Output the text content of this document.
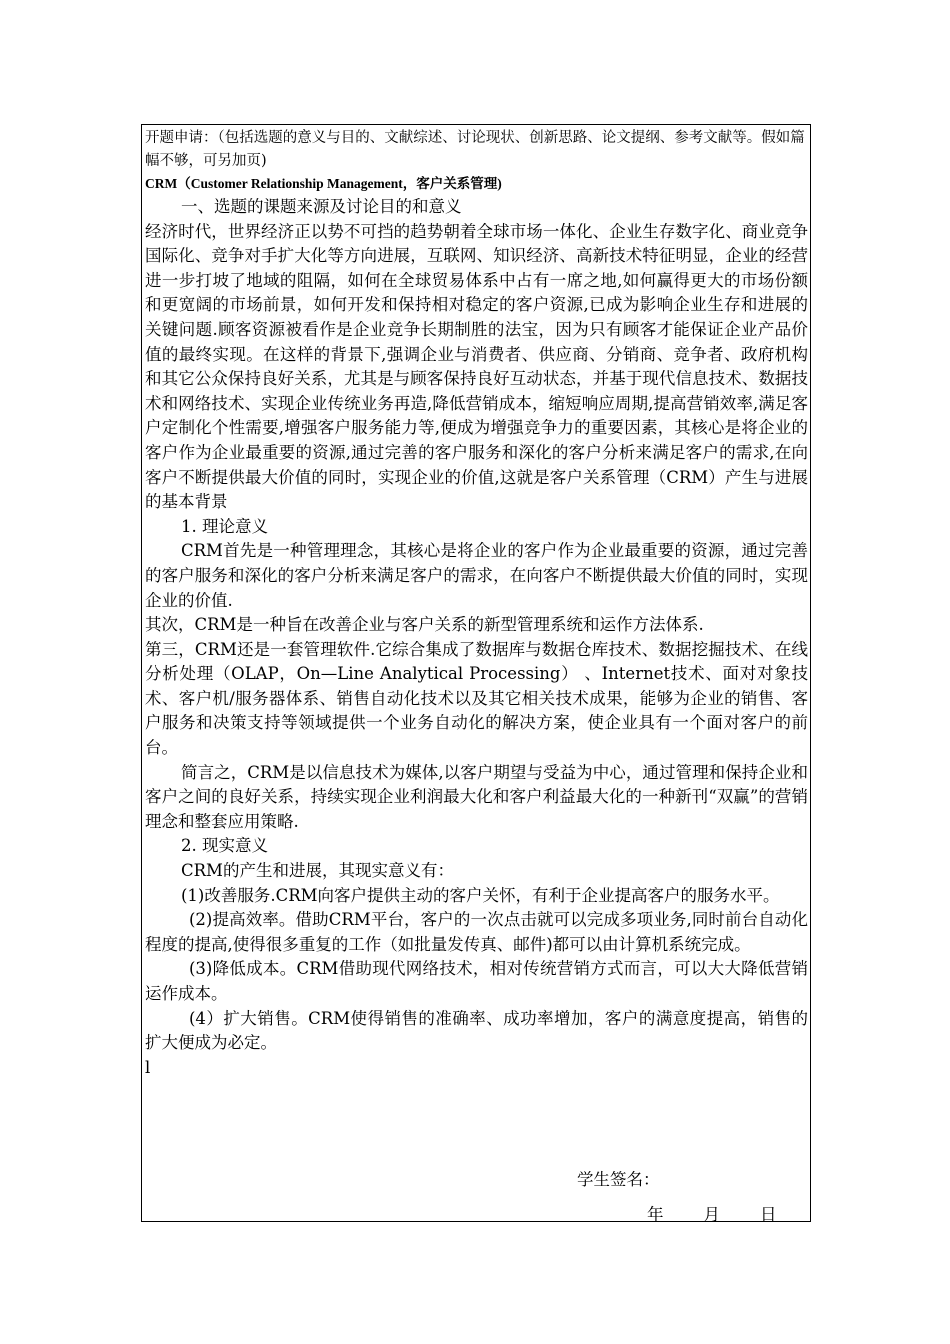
开题申请：（包括选题的意义与目的、文献综述、讨论现状、创新思路、论文提纲、参考文献等。假如篇幅不够，可另加页)

CRM（Customer Relationship Management，客户关系管理)

一、选题的课题来源及讨论目的和意义

经济时代，世界经济正以势不可挡的趋势朝着全球市场一体化、企业生存数字化、商业竞争国际化、竞争对手扩大化等方向进展，互联网、知识经济、高新技术特征明显，企业的经营进一步打坡了地域的阻隔，如何在全球贸易体系中占有一席之地,如何赢得更大的市场份额和更宽阔的市场前景，如何开发和保持相对稳定的客户资源,已成为影响企业生存和进展的关键问题.顾客资源被看作是企业竞争长期制胜的法宝，因为只有顾客才能保证企业产品价值的最终实现。在这样的背景下,强调企业与消费者、供应商、分销商、竞争者、政府机构和其它公众保持良好关系，尤其是与顾客保持良好互动状态，并基于现代信息技术、数据技术和网络技术、实现企业传统业务再造,降低营销成本，缩短响应周期,提高营销效率,满足客户定制化个性需要,增强客户服务能力等,便成为增强竞争力的重要因素，其核心是将企业的客户作为企业最重要的资源,通过完善的客户服务和深化的客户分析来满足客户的需求,在向客户不断提供最大价值的同时，实现企业的价值,这就是客户关系管理（CRM）产生与进展的基本背景

1. 理论意义

CRM首先是一种管理理念，其核心是将企业的客户作为企业最重要的资源，通过完善的客户服务和深化的客户分析来满足客户的需求，在向客户不断提供最大价值的同时，实现企业的价值.

其次，CRM是一种旨在改善企业与客户关系的新型管理系统和运作方法体系.

第三，CRM还是一套管理软件.它综合集成了数据库与数据仓库技术、数据挖掘技术、在线分析处理（OLAP，On—Line Analytical Processing） 、Internet技术、面对对象技术、客户机/服务器体系、销售自动化技术以及其它相关技术成果，能够为企业的销售、客户服务和决策支持等领域提供一个业务自动化的解决方案，使企业具有一个面对客户的前台。

简言之，CRM是以信息技术为媒体,以客户期望与受益为中心，通过管理和保持企业和客户之间的良好关系，持续实现企业利润最大化和客户利益最大化的一种新刊“双赢”的营销理念和整套应用策略.

2. 现实意义

CRM的产生和进展，其现实意义有：

(1)改善服务.CRM向客户提供主动的客户关怀，有利于企业提高客户的服务水平。

(2)提高效率。借助CRM平台，客户的一次点击就可以完成多项业务,同时前台自动化程度的提高,使得很多重复的工作（如批量发传真、邮件)都可以由计算机系统完成。

(3)降低成本。CRM借助现代网络技术，相对传统营销方式而言，可以大大降低营销运作成本。

(4）扩大销售。CRM使得销售的准确率、成功率增加，客户的满意度提高，销售的扩大便成为必定。

l

学生签名：
年 月 日
